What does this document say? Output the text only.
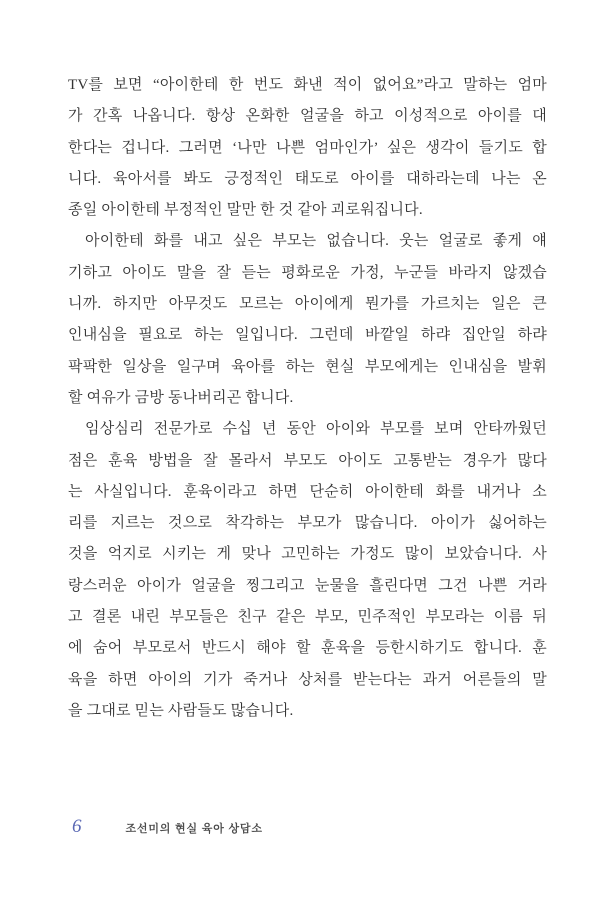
TV를 보면 “아이한테 한 번도 화낸 적이 없어요”라고 말하는 엄마
가 간혹 나옵니다. 항상 온화한 얼굴을 하고 이성적으로 아이를 대
한다는 겁니다. 그러면 ‘나만 나쁜 엄마인가’ 싶은 생각이 들기도 합
니다. 육아서를 봐도 긍정적인 태도로 아이를 대하라는데 나는 온
종일 아이한테 부정적인 말만 한 것 같아 괴로워집니다.

아이한테 화를 내고 싶은 부모는 없습니다. 웃는 얼굴로 좋게 얘
기하고 아이도 말을 잘 듣는 평화로운 가정, 누군들 바라지 않겠습
니까. 하지만 아무것도 모르는 아이에게 뭔가를 가르치는 일은 큰
인내심을 필요로 하는 일입니다. 그런데 바깥일 하랴 집안일 하랴
팍팍한 일상을 일구며 육아를 하는 현실 부모에게는 인내심을 발휘
할 여유가 금방 동나버리곤 합니다.

임상심리 전문가로 수십 년 동안 아이와 부모를 보며 안타까웠던
점은 훈육 방법을 잘 몰라서 부모도 아이도 고통받는 경우가 많다
는 사실입니다. 훈육이라고 하면 단순히 아이한테 화를 내거나 소
리를 지르는 것으로 착각하는 부모가 많습니다. 아이가 싫어하는
것을 억지로 시키는 게 맞나 고민하는 가정도 많이 보았습니다. 사
랑스러운 아이가 얼굴을 찡그리고 눈물을 흘린다면 그건 나쁜 거라
고 결론 내린 부모들은 친구 같은 부모, 민주적인 부모라는 이름 뒤
에 숨어 부모로서 반드시 해야 할 훈육을 등한시하기도 합니다. 훈
육을 하면 아이의 기가 죽거나 상처를 받는다는 과거 어른들의 말
을 그대로 믿는 사람들도 많습니다.

6	조선미의 현실 육아 상담소
